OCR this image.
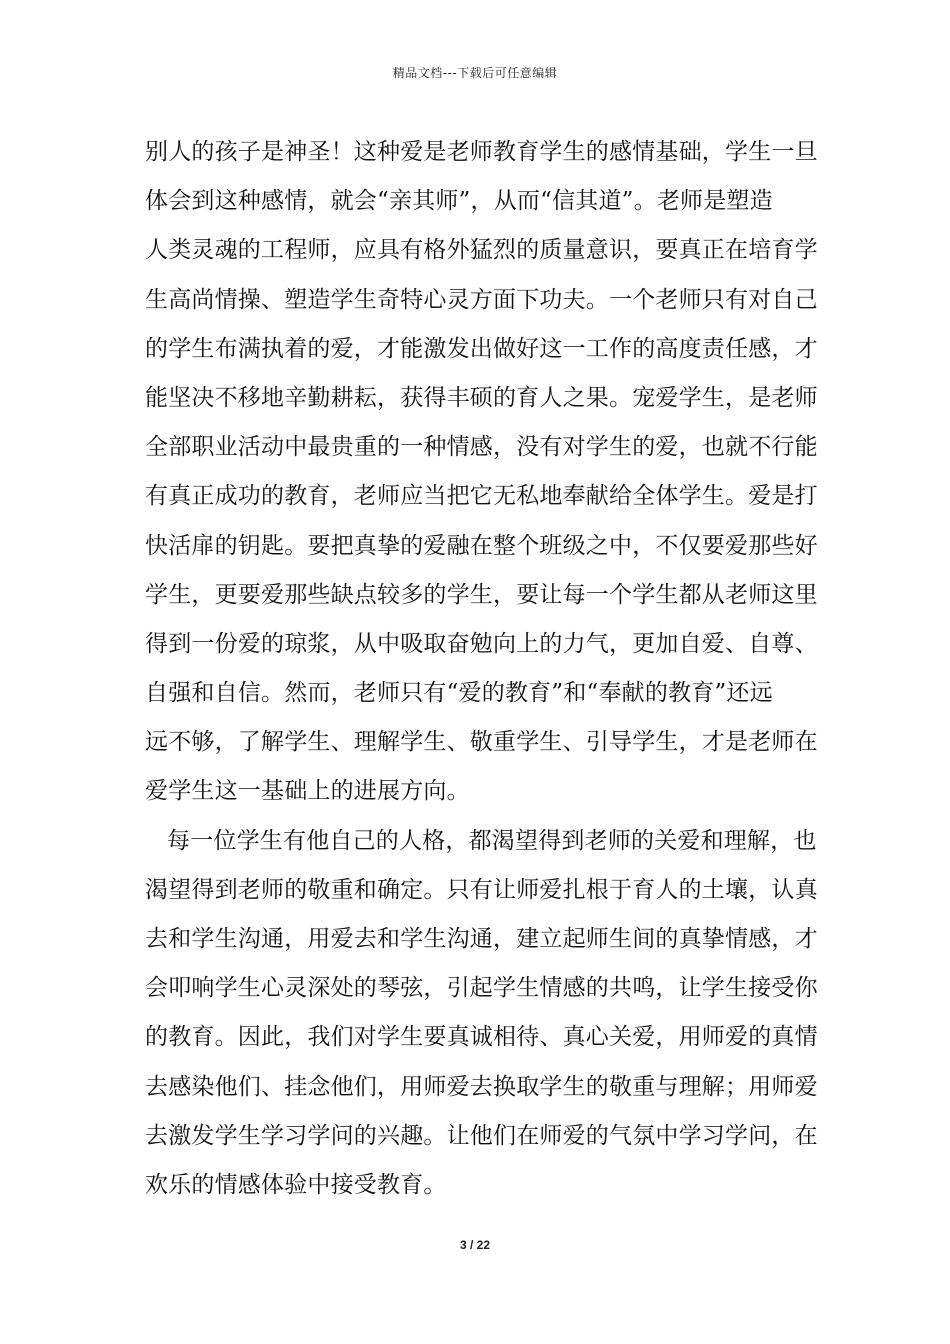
精品文档---下载后可任意编辑
别人的孩子是神圣！这种爱是老师教育学生的感情基础，学生一旦
体会到这种感情，就会“亲其师”，从而“信其道”。老师是塑造
人类灵魂的工程师，应具有格外猛烈的质量意识，要真正在培育学
生高尚情操、塑造学生奇特心灵方面下功夫。一个老师只有对自己
的学生布满执着的爱，才能激发出做好这一工作的高度责任感，才
能坚决不移地辛勤耕耘，获得丰硕的育人之果。宠爱学生，是老师
全部职业活动中最贵重的一种情感，没有对学生的爱，也就不行能
有真正成功的教育，老师应当把它无私地奉献给全体学生。爱是打
快活扉的钥匙。要把真挚的爱融在整个班级之中，不仅要爱那些好
学生，更要爱那些缺点较多的学生，要让每一个学生都从老师这里
得到一份爱的琼浆，从中吸取奋勉向上的力气，更加自爱、自尊、
自强和自信。然而，老师只有“爱的教育”和“奉献的教育”还远
远不够，了解学生、理解学生、敬重学生、引导学生，才是老师在
爱学生这一基础上的进展方向。
每一位学生有他自己的人格，都渴望得到老师的关爱和理解，也
渴望得到老师的敬重和确定。只有让师爱扎根于育人的土壤，认真
去和学生沟通，用爱去和学生沟通，建立起师生间的真挚情感，才
会叩响学生心灵深处的琴弦，引起学生情感的共鸣，让学生接受你
的教育。因此，我们对学生要真诚相待、真心关爱，用师爱的真情
去感染他们、挂念他们，用师爱去换取学生的敬重与理解；用师爱
去激发学生学习学问的兴趣。让他们在师爱的气氛中学习学问，在
欢乐的情感体验中接受教育。
3 / 22
